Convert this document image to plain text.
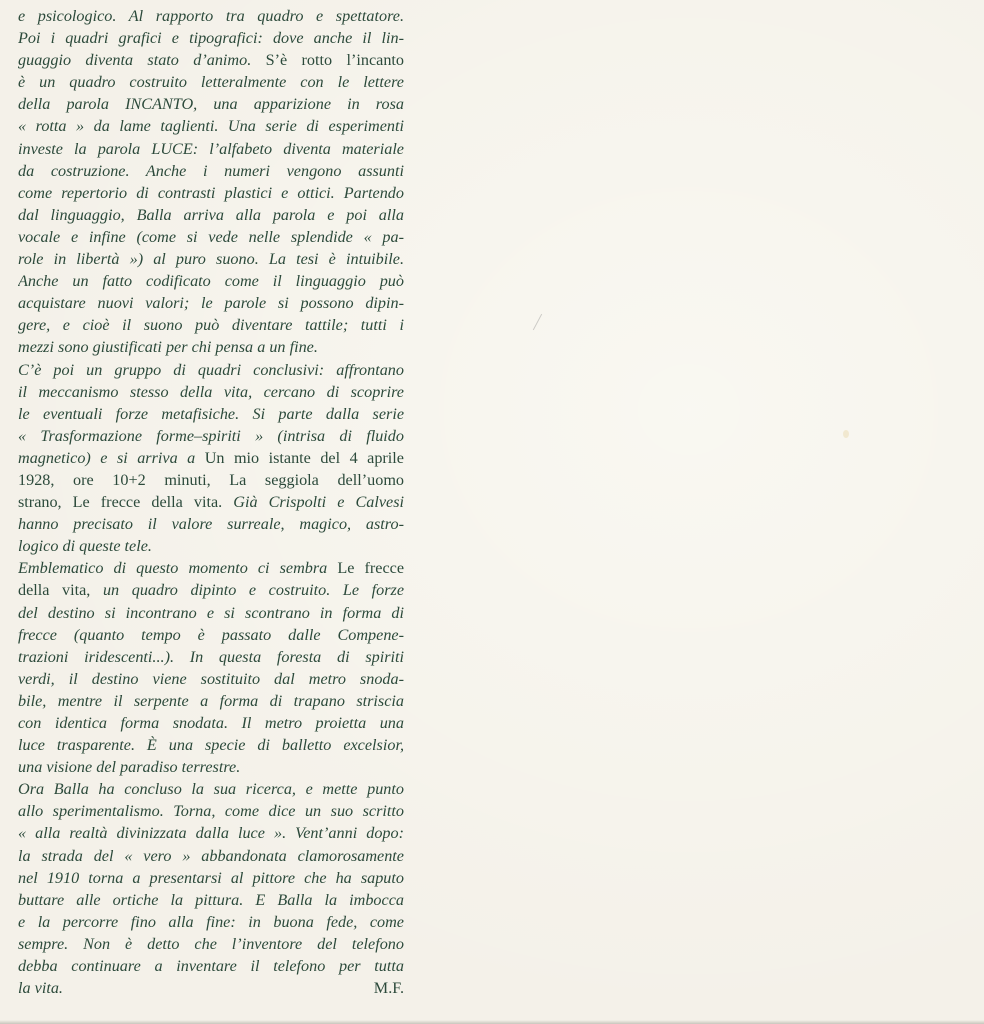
e psicologico. Al rapporto tra quadro e spettatore.
Poi i quadri grafici e tipografici: dove anche il lin-
guaggio diventa stato d’animo. S’è rotto l’incanto
è un quadro costruito letteralmente con le lettere
della parola INCANTO, una apparizione in rosa
« rotta » da lame taglienti. Una serie di esperimenti
investe la parola LUCE: l’alfabeto diventa materiale
da costruzione. Anche i numeri vengono assunti
come repertorio di contrasti plastici e ottici. Partendo
dal linguaggio, Balla arriva alla parola e poi alla
vocale e infine (come si vede nelle splendide « pa-
role in libertà ») al puro suono. La tesi è intuibile.
Anche un fatto codificato come il linguaggio può
acquistare nuovi valori; le parole si possono dipin-
gere, e cioè il suono può diventare tattile; tutti i
mezzi sono giustificati per chi pensa a un fine.
C’è poi un gruppo di quadri conclusivi: affrontano
il meccanismo stesso della vita, cercano di scoprire
le eventuali forze metafisiche. Si parte dalla serie
« Trasformazione forme–spiriti » (intrisa di fluido
magnetico) e si arriva a Un mio istante del 4 aprile
1928, ore 10+2 minuti, La seggiola dell’uomo
strano, Le frecce della vita. Già Crispolti e Calvesi
hanno precisato il valore surreale, magico, astro-
logico di queste tele.
Emblematico di questo momento ci sembra Le frecce
della vita, un quadro dipinto e costruito. Le forze
del destino si incontrano e si scontrano in forma di
frecce (quanto tempo è passato dalle Compene-
trazioni iridescenti...). In questa foresta di spiriti
verdi, il destino viene sostituito dal metro snoda-
bile, mentre il serpente a forma di trapano striscia
con identica forma snodata. Il metro proietta una
luce trasparente. È una specie di balletto excelsior,
una visione del paradiso terrestre.
Ora Balla ha concluso la sua ricerca, e mette punto
allo sperimentalismo. Torna, come dice un suo scritto
« alla realtà divinizzata dalla luce ». Vent’anni dopo:
la strada del « vero » abbandonata clamorosamente
nel 1910 torna a presentarsi al pittore che ha saputo
buttare alle ortiche la pittura. E Balla la imbocca
e la percorre fino alla fine: in buona fede, come
sempre. Non è detto che l’inventore del telefono
debba continuare a inventare il telefono per tutta
la vita.	M.F.
